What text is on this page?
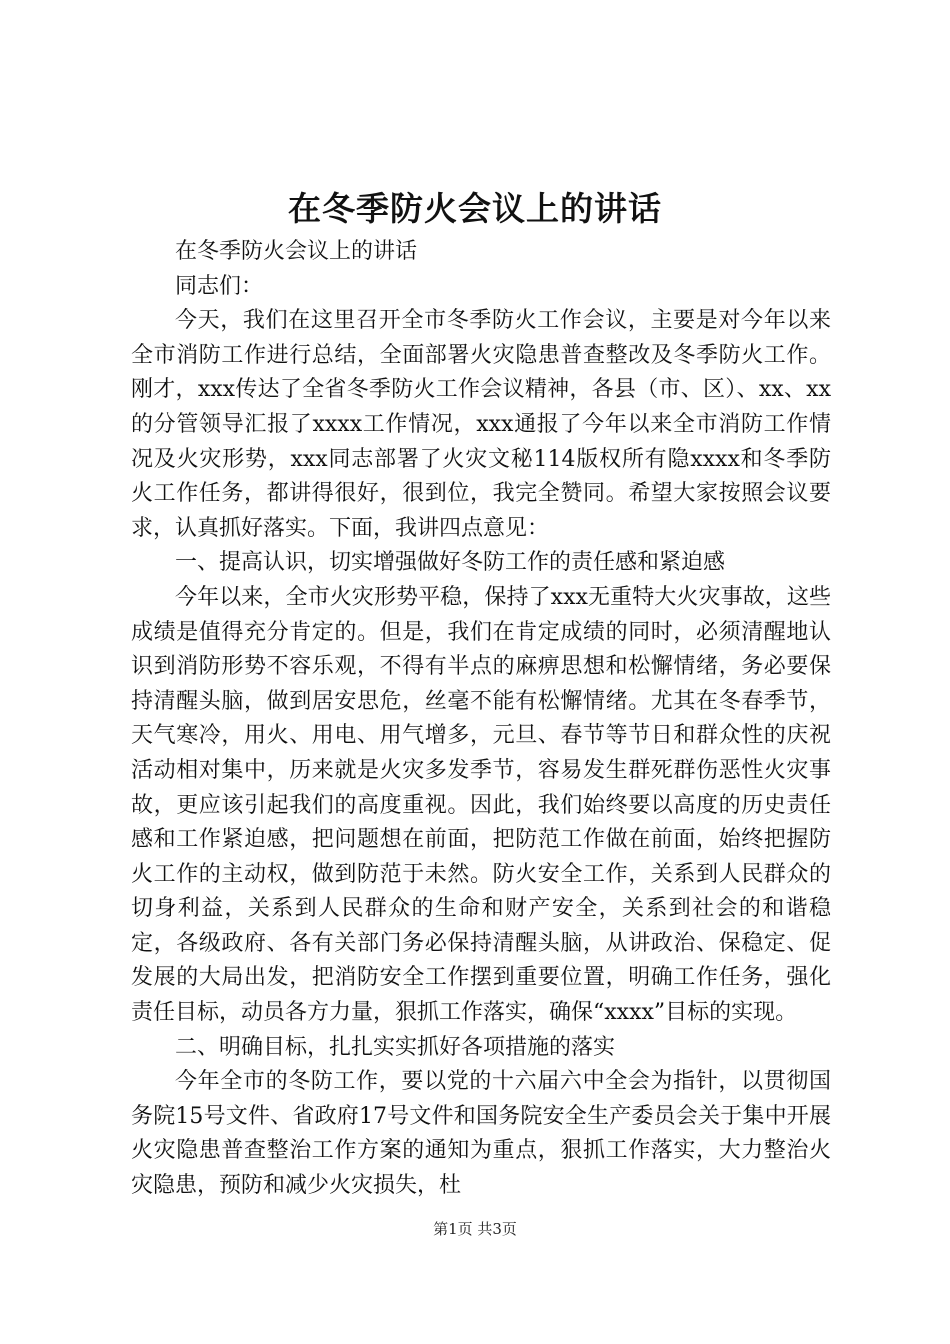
在冬季防火会议上的讲话

在冬季防火会议上的讲话

同志们：

今天，我们在这里召开全市冬季防火工作会议，主要是对今年以来全市消防工作进行总结，全面部署火灾隐患普查整改及冬季防火工作。刚才，xxx传达了全省冬季防火工作会议精神，各县（市、区）、xx、xx的分管领导汇报了xxxx工作情况，xxx通报了今年以来全市消防工作情况及火灾形势，xxx同志部署了火灾文秘114版权所有隐xxxx和冬季防火工作任务，都讲得很好，很到位，我完全赞同。希望大家按照会议要求，认真抓好落实。下面，我讲四点意见：

一、提高认识，切实增强做好冬防工作的责任感和紧迫感

今年以来，全市火灾形势平稳，保持了xxx无重特大火灾事故，这些成绩是值得充分肯定的。但是，我们在肯定成绩的同时，必须清醒地认识到消防形势不容乐观，不得有半点的麻痹思想和松懈情绪，务必要保持清醒头脑，做到居安思危，丝毫不能有松懈情绪。尤其在冬春季节，天气寒冷，用火、用电、用气增多，元旦、春节等节日和群众性的庆祝活动相对集中，历来就是火灾多发季节，容易发生群死群伤恶性火灾事故，更应该引起我们的高度重视。因此，我们始终要以高度的历史责任感和工作紧迫感，把问题想在前面，把防范工作做在前面，始终把握防火工作的主动权，做到防范于未然。防火安全工作，关系到人民群众的切身利益，关系到人民群众的生命和财产安全，关系到社会的和谐稳定，各级政府、各有关部门务必保持清醒头脑，从讲政治、保稳定、促发展的大局出发，把消防安全工作摆到重要位置，明确工作任务，强化责任目标，动员各方力量，狠抓工作落实，确保“xxxx”目标的实现。

二、明确目标，扎扎实实抓好各项措施的落实

今年全市的冬防工作，要以党的十六届六中全会为指针，以贯彻国务院15号文件、省政府17号文件和国务院安全生产委员会关于集中开展火灾隐患普查整治工作方案的通知为重点，狠抓工作落实，大力整治火灾隐患，预防和减少火灾损失，杜

第1页 共3页
